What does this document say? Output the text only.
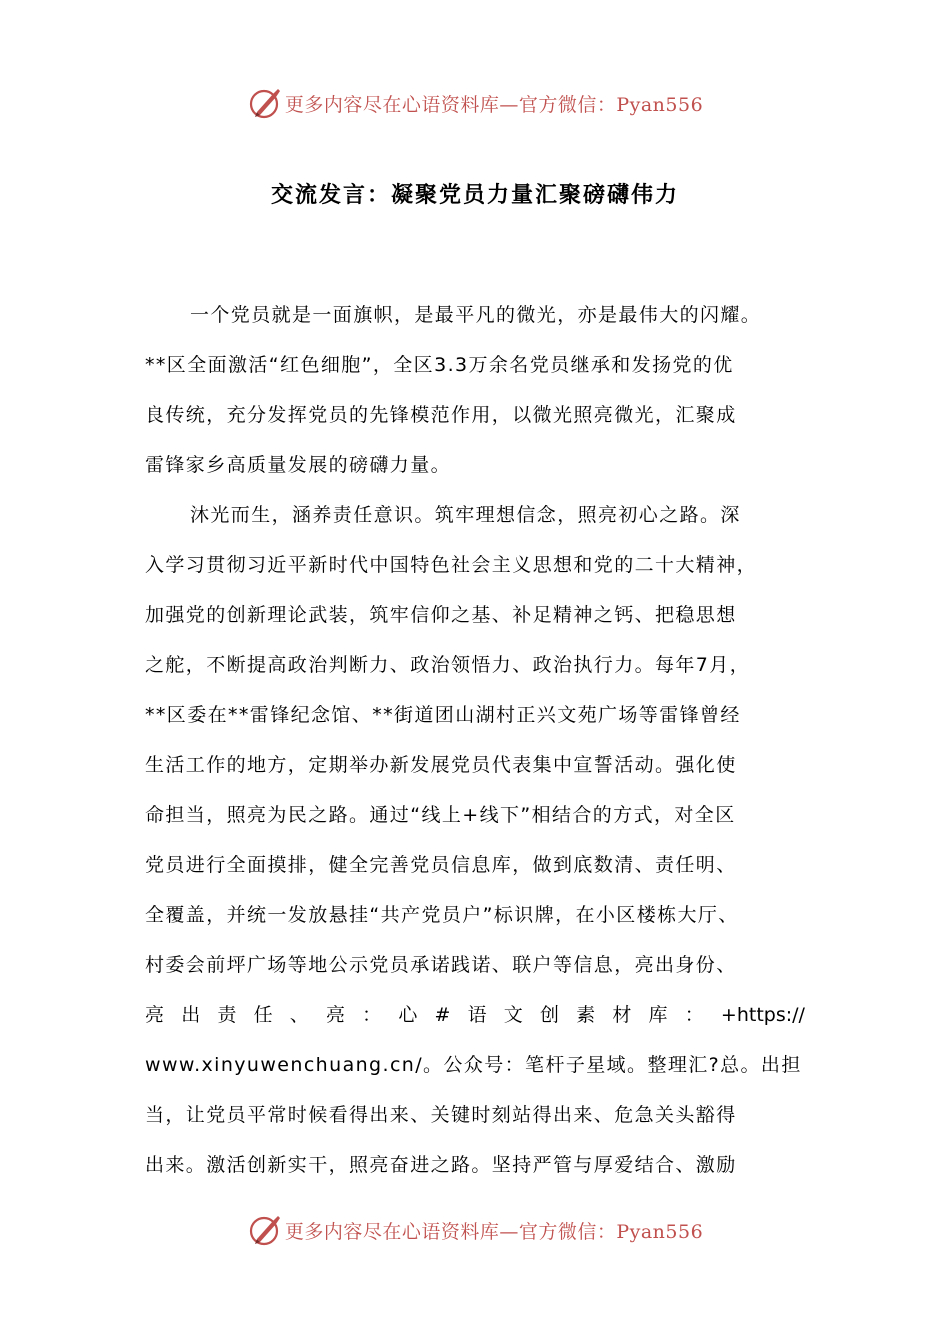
更多内容尽在心语资料库—官方微信：Pyan556
交流发言：凝聚党员力量汇聚磅礴伟力
一个党员就是一面旗帜，是最平凡的微光，亦是最伟大的闪耀。
**区全面激活“红色细胞”，全区3.3万余名党员继承和发扬党的优
良传统，充分发挥党员的先锋模范作用，以微光照亮微光，汇聚成
雷锋家乡高质量发展的磅礴力量。
沐光而生，涵养责任意识。筑牢理想信念，照亮初心之路。深
入学习贯彻习近平新时代中国特色社会主义思想和党的二十大精神，
加强党的创新理论武装，筑牢信仰之基、补足精神之钙、把稳思想
之舵，不断提高政治判断力、政治领悟力、政治执行力。每年7月，
**区委在**雷锋纪念馆、**街道团山湖村正兴文苑广场等雷锋曾经
生活工作的地方，定期举办新发展党员代表集中宣誓活动。强化使
命担当，照亮为民之路。通过“线上+线下”相结合的方式，对全区
党员进行全面摸排，健全完善党员信息库，做到底数清、责任明、
全覆盖，并统一发放悬挂“共产党员户”标识牌，在小区楼栋大厅、
村委会前坪广场等地公示党员承诺践诺、联户等信息，亮出身份、
亮 出 责 任 、 亮 ： 心 # 语 文 创 素 材 库 ： +https://
www.xinyuwenchuang.cn/。公众号：笔杆子星域。整理汇?总。出担
当，让党员平常时候看得出来、关键时刻站得出来、危急关头豁得
出来。激活创新实干，照亮奋进之路。坚持严管与厚爱结合、激励
更多内容尽在心语资料库—官方微信：Pyan556
